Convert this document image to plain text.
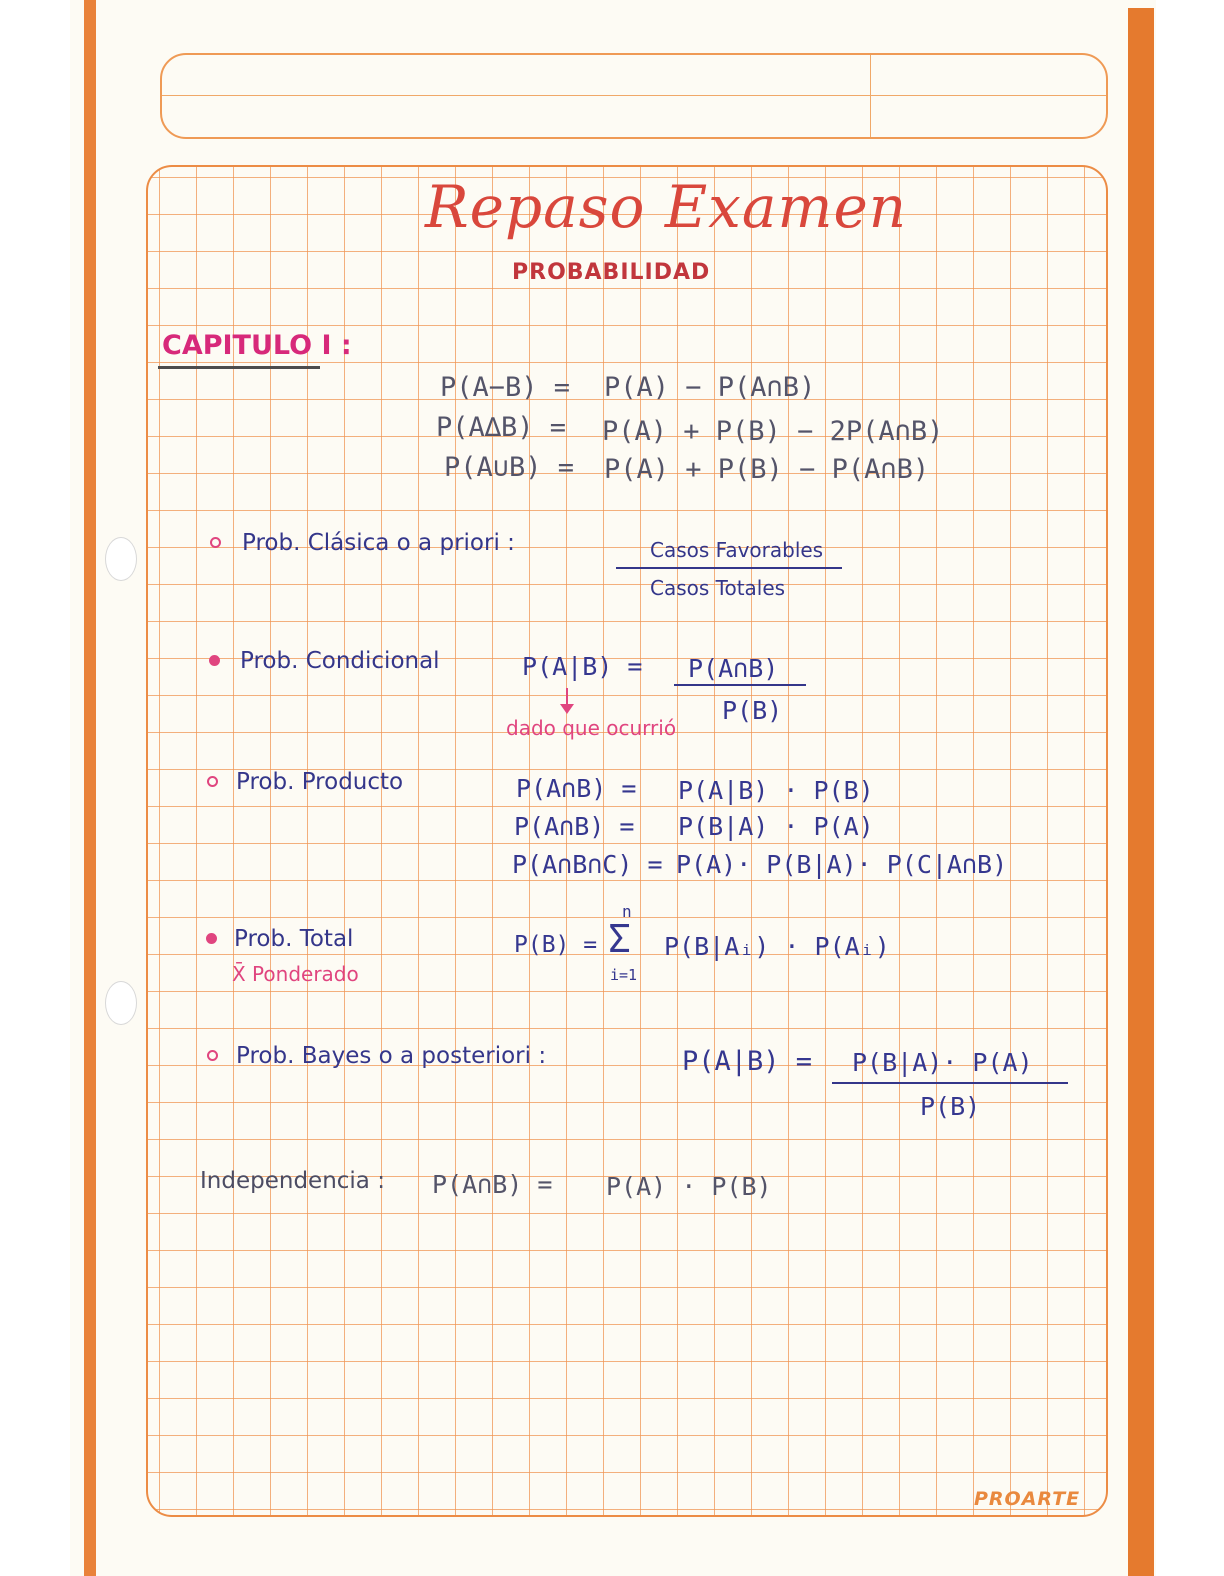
Repaso Examen
PROBABILIDAD
CAPITULO I :
P(A−B) = P(A) − P(A∩B)
P(A∆B) = P(A) + P(B) − 2P(A∩B)
P(A∪B) = P(A) + P(B) − P(A∩B)
Prob. Clásica o a priori :	Casos Favorables
Casos Totales
Prob. Condicional	P(A|B) = P(A∩B)
P(B)
dado que ocurrió
Prob. Producto	P(A∩B) = P(A|B) · P(B)
P(A∩B) = P(B|A) · P(A)
P(A∩B∩C) = P(A)· P(B|A)· P(C|A∩B)
Prob. Total
X̄ Ponderado
P(B) =
n
Σ
i=1
P(B|Aᵢ) · P(Aᵢ)
Prob. Bayes o a posteriori :	P(A|B) = P(B|A)· P(A)
P(B)
Independencia : P(A∩B) = P(A) · P(B)
PROARTE
